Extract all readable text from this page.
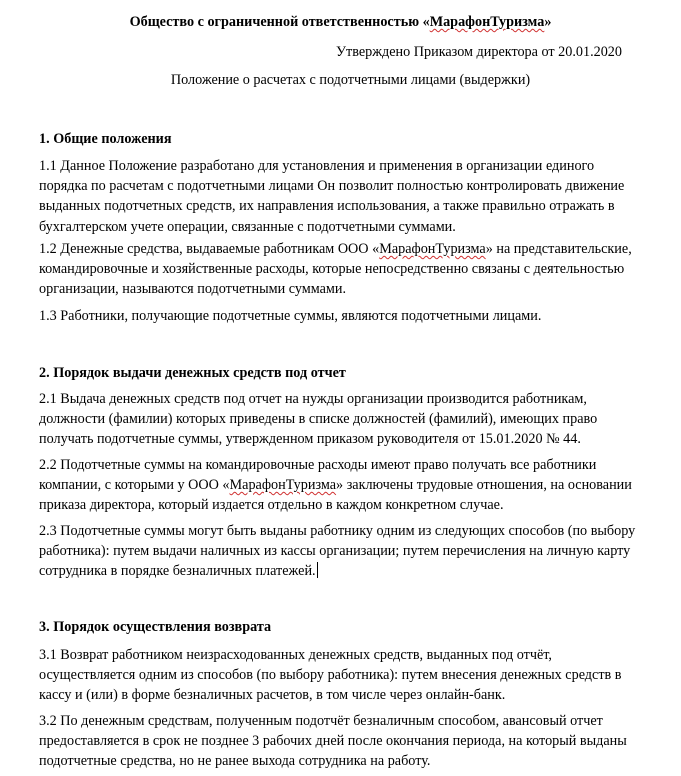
Общество с ограниченной ответственностью «МарафонТуризма»
Утверждено Приказом директора от 20.01.2020
Положение о расчетах с подотчетными лицами (выдержки)
1. Общие положения
1.1 Данное Положение разработано для установления и применения в организации единого
порядка по расчетам с подотчетными лицами Он позволит полностью контролировать движение
выданных подотчетных средств, их направления использования, а также правильно отражать в
бухгалтерском учете операции, связанные с подотчетными суммами.
1.2 Денежные средства, выдаваемые работникам ООО «МарафонТуризма» на представительские,
командировочные и хозяйственные расходы, которые непосредственно связаны с деятельностью
организации, называются подотчетными суммами.
1.3 Работники, получающие подотчетные суммы, являются подотчетными лицами.
2. Порядок выдачи денежных средств под отчет
2.1 Выдача денежных средств под отчет на нужды организации производится работникам,
должности (фамилии) которых приведены в списке должностей (фамилий), имеющих право
получать подотчетные суммы, утвержденном приказом руководителя от 15.01.2020 № 44.
2.2 Подотчетные суммы на командировочные расходы имеют право получать все работники
компании, с которыми у ООО «МарафонТуризма» заключены трудовые отношения, на основании
приказа директора, который издается отдельно в каждом конкретном случае.
2.3 Подотчетные суммы могут быть выданы работнику одним из следующих способов (по выбору
работника): путем выдачи наличных из кассы организации; путем перечисления на личную карту
сотрудника в порядке безналичных платежей.
3. Порядок осуществления возврата
3.1 Возврат работником неизрасходованных денежных средств, выданных под отчёт,
осуществляется одним из способов (по выбору работника): путем внесения денежных средств в
кассу и (или) в форме безналичных расчетов, в том числе через онлайн-банк.
3.2 По денежным средствам, полученным подотчёт безналичным способом, авансовый отчет
предоставляется в срок не позднее 3 рабочих дней после окончания периода, на который выданы
подотчетные средства, но не ранее выхода сотрудника на работу.
